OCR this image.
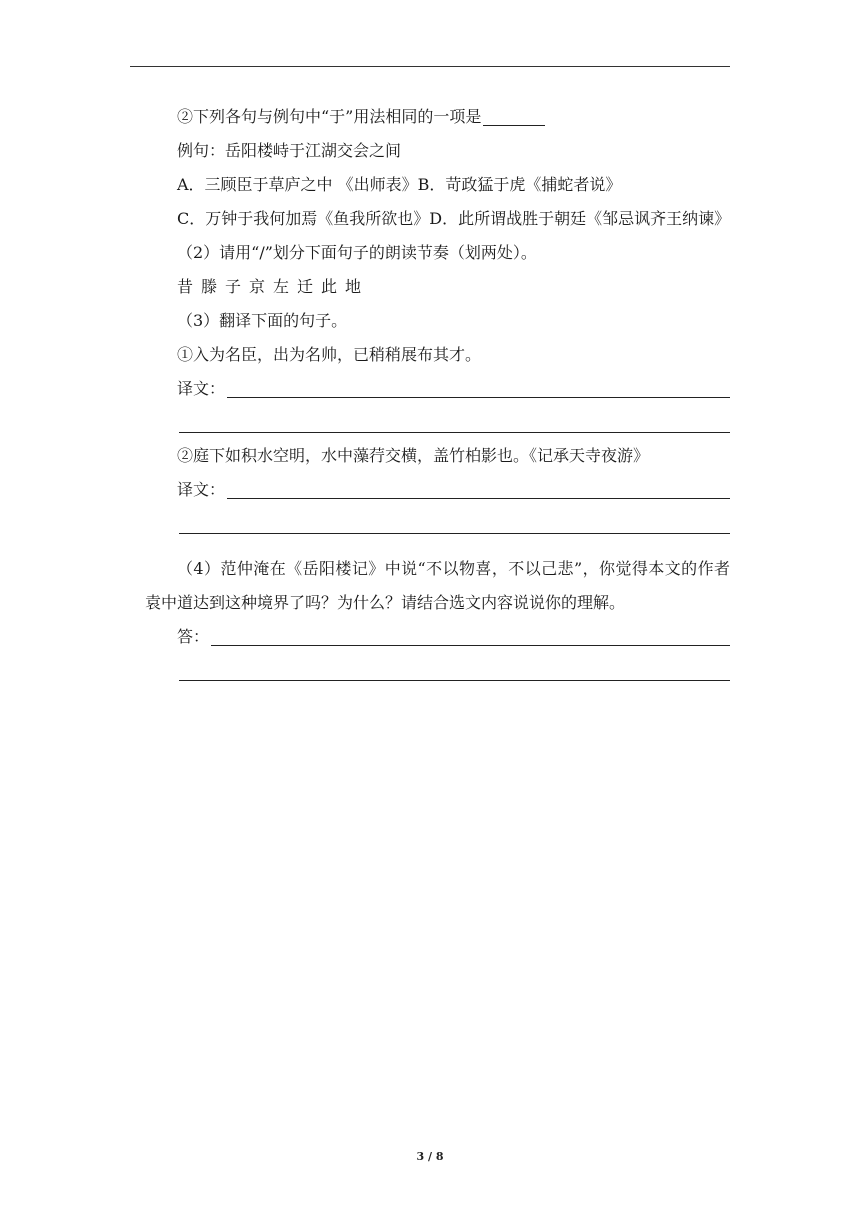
②下列各句与例句中“于”用法相同的一项是
例句：岳阳楼峙于江湖交会之间
A．三顾臣于草庐之中 《出师表》B．苛政猛于虎《捕蛇者说》
C．万钟于我何加焉《鱼我所欲也》D．此所谓战胜于朝廷《邹忌讽齐王纳谏》
（2）请用“/”划分下面句子的朗读节奏（划两处）。
昔滕子京左迁此地
（3）翻译下面的句子。
①入为名臣，出为名帅，已稍稍展布其才。
译文：
②庭下如积水空明，水中藻荇交横，盖竹柏影也。《记承天寺夜游》
译文：
（4）范仲淹在《岳阳楼记》中说“不以物喜，不以己悲”，你觉得本文的作者袁中道达到这种境界了吗？为什么？请结合选文内容说说你的理解。
答：
3 / 8
